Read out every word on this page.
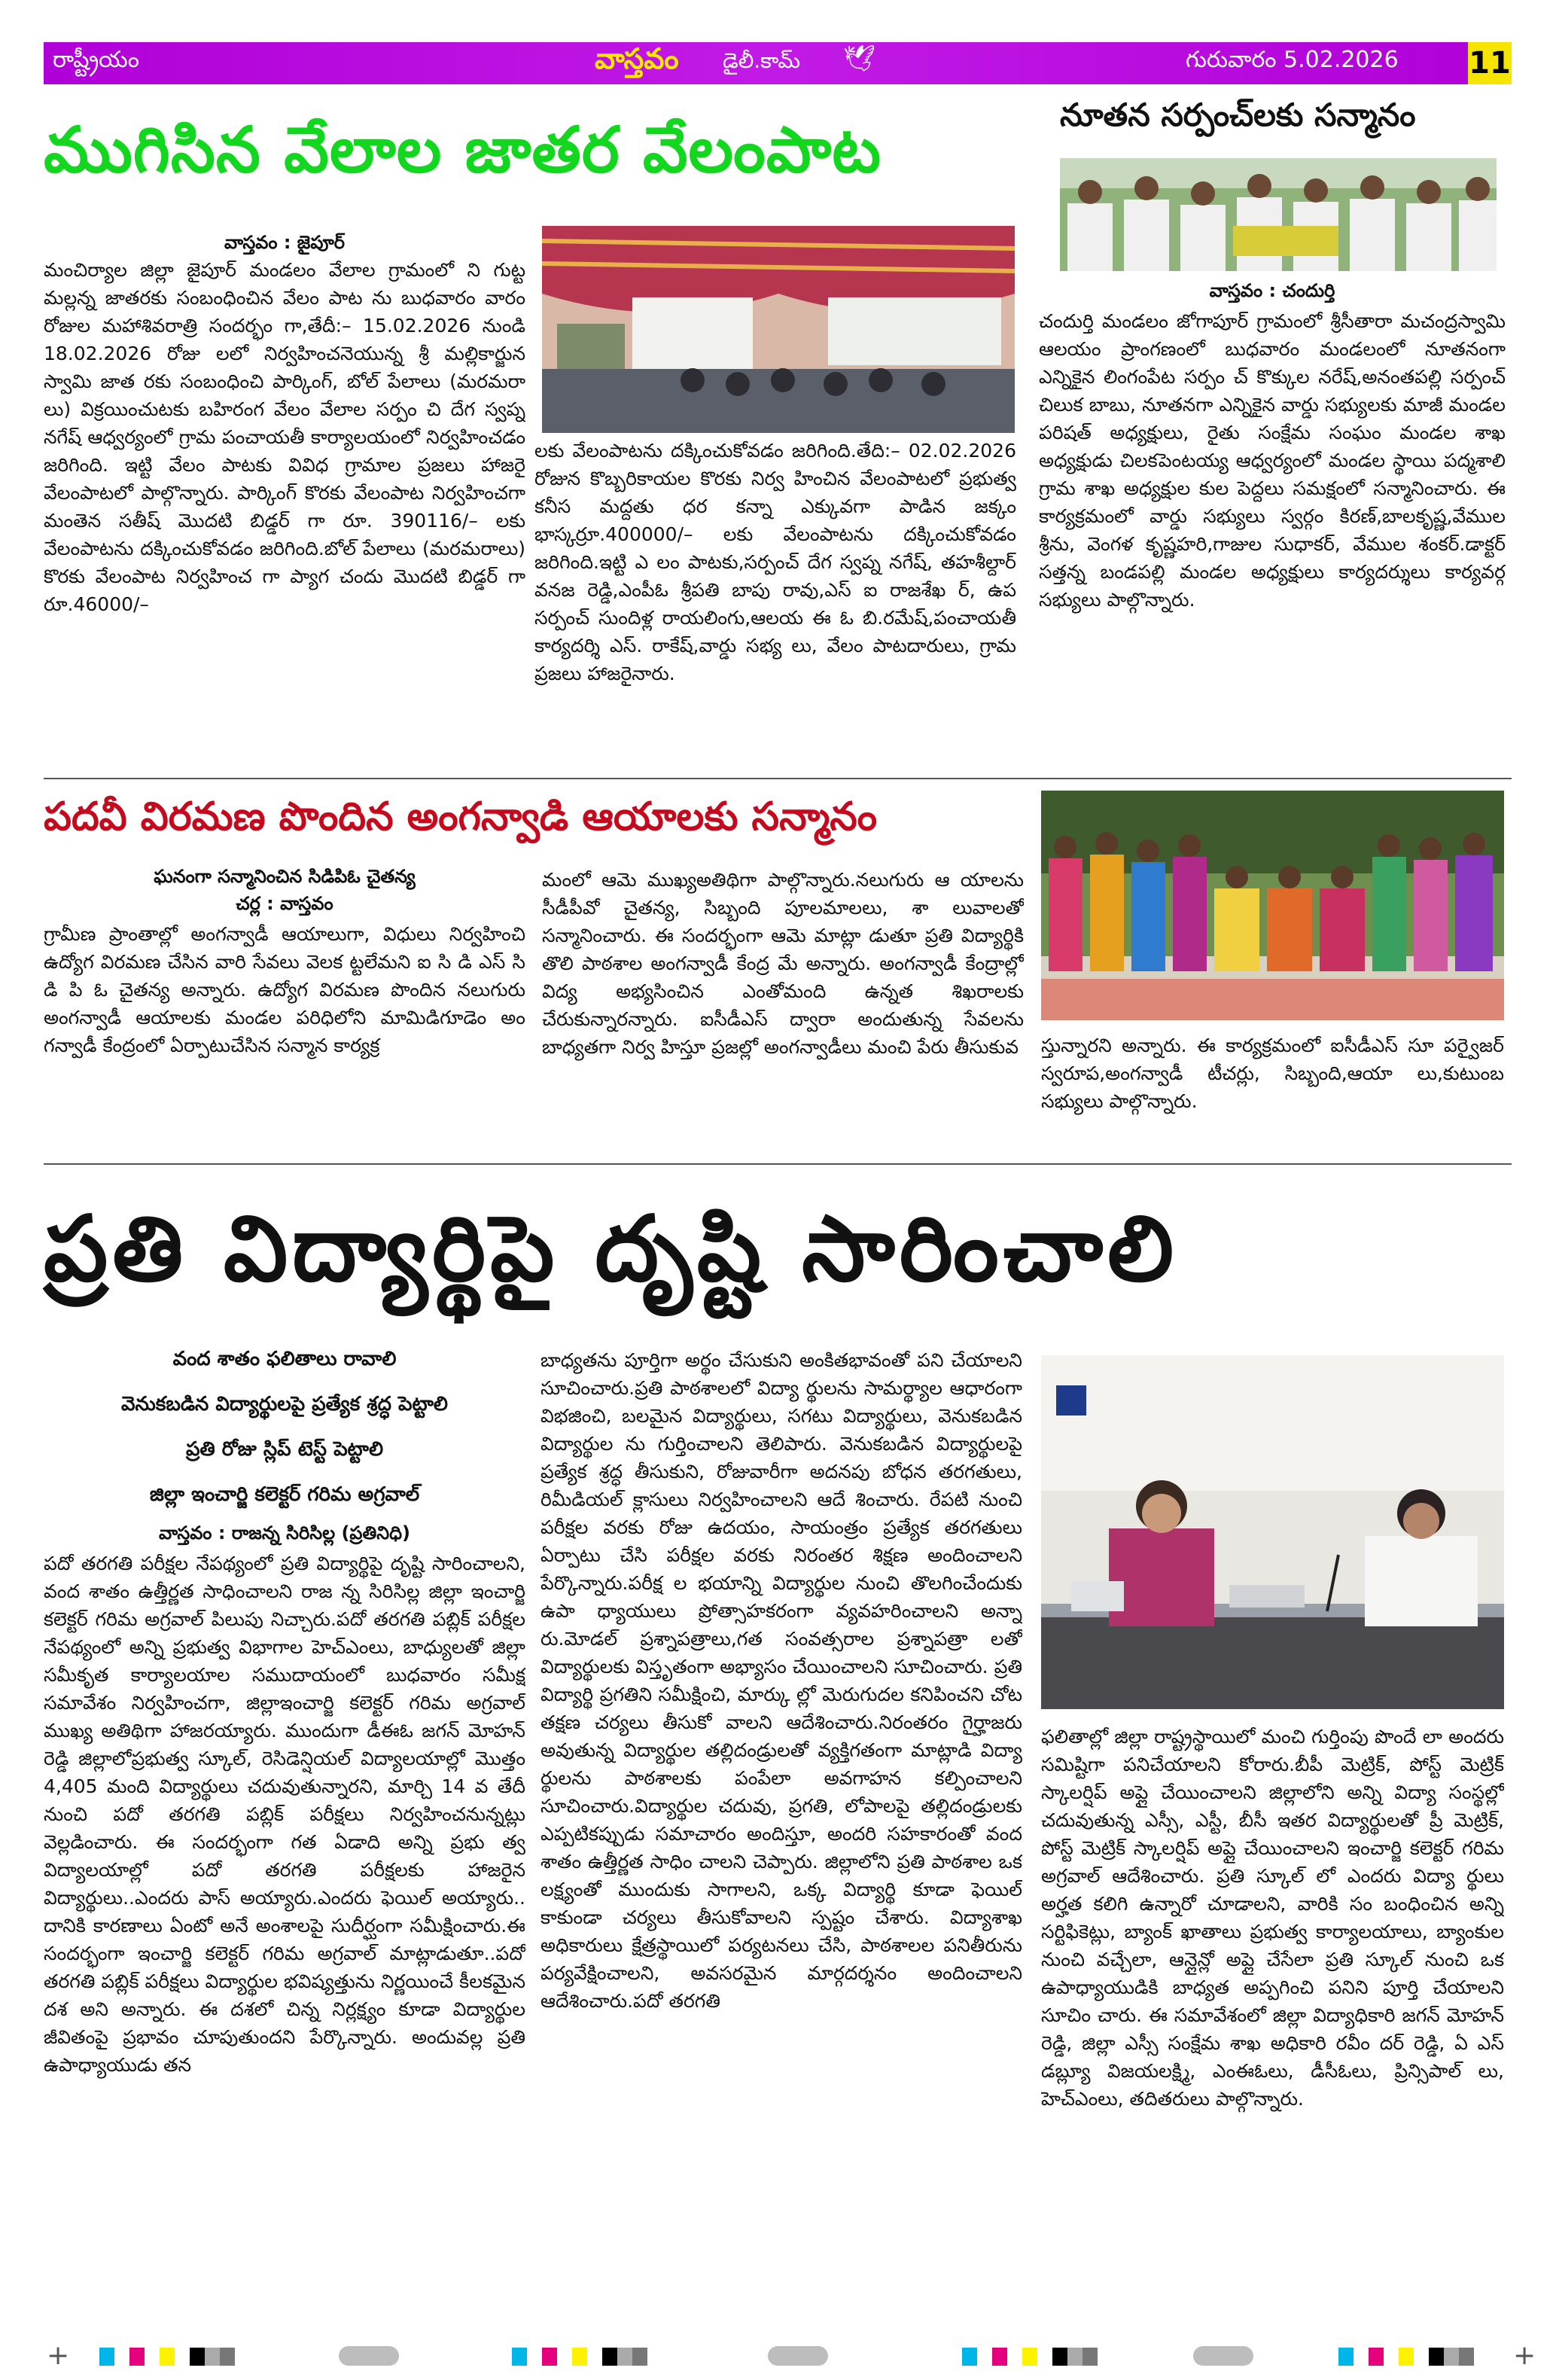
రాష్ట్రీయం	వాస్తవం డైలీ.కామ్ 🕊	గురువారం 5.02.2026 11
ముగిసిన వేలాల జాతర వేలంపాట
వాస్తవం : జైపూర్
మంచిర్యాల జిల్లా జైపూర్ మండలం వేలాల గ్రామంలో ని గుట్ట మల్లన్న జాతరకు సంబంధించిన వేలం పాట ను బుధవారం వారం రోజుల మహాశివరాత్రి సందర్భం గా,తేదీ:– 15.02.2026 నుండి 18.02.2026 రోజు లలో నిర్వహించనెయున్న శ్రీ మల్లికార్జున స్వామి జాత రకు సంబంధించి పార్కింగ్, బోల్ పేలాలు (మరమరా లు) విక్రయించుటకు బహిరంగ వేలం వేలాల సర్పం చి దేగ స్వప్న నగేష్ ఆధ్వర్యంలో గ్రామ పంచాయతీ కార్యాలయంలో నిర్వహించడం జరిగింది. ఇట్టి వేలం పాటకు వివిధ గ్రామాల ప్రజలు హాజరై వేలంపాటలో పాల్గొన్నారు. పార్కింగ్ కొరకు వేలంపాట నిర్వహించగా మంతెన సతీష్ మొదటి బిడ్డర్ గా రూ. 390116/– లకు వేలంపాటను దక్కించుకోవడం జరిగింది.బోల్ పేలాలు (మరమరాలు) కొరకు వేలంపాట నిర్వహించ గా ప్యాగ చందు మొదటి బిడ్డర్ గా రూ.46000/–
లకు వేలంపాటను దక్కించుకోవడం జరిగింది.తేది:– 02.02.2026 రోజున కొబ్బరికాయల కొరకు నిర్వ హించిన వేలంపాటలో ప్రభుత్వ కనీస మద్దతు ధర కన్నా ఎక్కువగా పాడిన జక్కం భాస్కర్రూ.400000/– లకు వేలంపాటను దక్కించుకోవడం జరిగింది.ఇట్టి ఎ లం పాటకు,సర్పంచ్ దేగ స్వప్న నగేష్, తహశీల్దార్ వనజ రెడ్డి,ఎంపీఓ శ్రీపతి బాపు రావు,ఎస్ ఐ రాజశేఖ ర్, ఉప సర్పంచ్ సుందిళ్ల రాయలింగు,ఆలయ ఈ ఓ బి.రమేష్,పంచాయతీ కార్యదర్శి ఎస్. రాకేష్,వార్డు సభ్య లు, వేలం పాటదారులు, గ్రామ ప్రజలు హాజరైనారు.
నూతన సర్పంచ్‌లకు సన్మానం
వాస్తవం : చందుర్తి
చందుర్తి మండలం జోగాపూర్ గ్రామంలో శ్రీసీతారా మచంద్రస్వామి ఆలయం ప్రాంగణంలో బుధవారం మండలంలో నూతనంగా ఎన్నికైన లింగంపేట సర్పం చ్ కొక్కుల నరేష్,అనంతపల్లి సర్పంచ్ చిలుక బాబు, నూతనగా ఎన్నికైన వార్డు సభ్యులకు మాజీ మండల పరిషత్ అధ్యక్షులు, రైతు సంక్షేమ సంఘం మండల శాఖ అధ్యక్షుడు చిలకపెంటయ్య ఆధ్వర్యంలో మండల స్థాయి పద్మశాలి గ్రామ శాఖ అధ్యక్షుల కుల పెద్దలు సమక్షంలో సన్మానించారు. ఈ కార్యక్రమంలో వార్డు సభ్యులు స్వర్గం కిరణ్,బాలకృష్ణ,వేముల శ్రీను, వెంగళ కృష్ణహరి,గాజుల సుధాకర్, వేముల శంకర్.డాక్టర్ సత్తన్న బండపల్లి మండల అధ్యక్షులు కార్యదర్శులు కార్యవర్గ సభ్యులు పాల్గొన్నారు.
పదవీ విరమణ పొందిన అంగన్వాడి ఆయాలకు సన్మానం
ఘనంగా సన్మానించిన సిడిపిఓ చైతన్య
చర్ల : వాస్తవం
గ్రామీణ ప్రాంతాల్లో అంగన్వాడీ ఆయాలుగా, విధులు నిర్వహించి ఉద్యోగ విరమణ చేసిన వారి సేవలు వెలక ట్టలేమని ఐ సి డి ఎస్ సి డి పి ఓ చైతన్య అన్నారు. ఉద్యోగ విరమణ పొందిన నలుగురు అంగన్వాడీ ఆయాలకు మండల పరిధిలోని మామిడిగూడెం అం గన్వాడీ కేంద్రంలో ఏర్పాటుచేసిన సన్మాన కార్యక్ర
మంలో ఆమె ముఖ్యఅతిథిగా పాల్గొన్నారు.నలుగురు ఆ యాలను సీడీపీవో చైతన్య, సిబ్బంది పూలమాలలు, శా లువాలతో సన్మానించారు. ఈ సందర్భంగా ఆమె మాట్లా డుతూ ప్రతి విద్యార్థికి తొలి పాఠశాల అంగన్వాడీ కేంద్ర మే అన్నారు. అంగన్వాడీ కేంద్రాల్లో విద్య అభ్యసించిన ఎంతోమంది ఉన్నత శిఖరాలకు చేరుకున్నారన్నారు. ఐసీడీఎస్ ద్వారా అందుతున్న సేవలను బాధ్యతగా నిర్వ హిస్తూ ప్రజల్లో అంగన్వాడీలు మంచి పేరు తీసుకువ స్తున్నారని అన్నారు. ఈ కార్యక్రమంలో ఐసీడీఎస్ సూ పర్వైజర్ స్వరూప,అంగన్వాడీ టీచర్లు, సిబ్బంది,ఆయా లు,కుటుంబ సభ్యులు పాల్గొన్నారు.
ప్రతి విద్యార్థిపై దృష్టి సారించాలి
వంద శాతం ఫలితాలు రావాలి
వెనుకబడిన విద్యార్థులపై ప్రత్యేక శ్రద్ధ పెట్టాలి
ప్రతి రోజు స్లిప్ టెస్ట్ పెట్టాలి
జిల్లా ఇంచార్జి కలెక్టర్ గరిమ అగ్రవాల్
వాస్తవం : రాజన్న సిరిసిల్ల (ప్రతినిధి)
పదో తరగతి పరీక్షల నేపథ్యంలో ప్రతి విద్యార్థిపై దృష్టి సారించాలని, వంద శాతం ఉత్తీర్ణత సాధించాలని రాజ న్న సిరిసిల్ల జిల్లా ఇంచార్జి కలెక్టర్ గరిమ అగ్రవాల్ పిలుపు నిచ్చారు.పదో తరగతి పబ్లిక్ పరీక్షల నేపథ్యంలో అన్ని ప్రభుత్వ విభాగాల హెచ్ఎంలు, బాధ్యులతో జిల్లా సమీకృత కార్యాలయాల సముదాయంలో బుధవారం సమీక్ష సమావేశం నిర్వహించగా, జిల్లాఇంచార్జి కలెక్టర్ గరిమ అగ్రవాల్ ముఖ్య అతిథిగా హాజరయ్యారు. ముందుగా డీఈఓ జగన్ మోహన్ రెడ్డి జిల్లాలోప్రభుత్వ స్కూల్, రెసిడెన్షియల్ విద్యాలయాల్లో మొత్తం 4,405 మంది విద్యార్థులు చదువుతున్నారని, మార్చి 14 వ తేదీ నుంచి పదో తరగతి పబ్లిక్ పరీక్షలు నిర్వహించనున్నట్లు వెల్లడించారు. ఈ సందర్భంగా గత ఏడాది అన్ని ప్రభు త్వ విద్యాలయాల్లో పదో తరగతి పరీక్షలకు హాజరైన విద్యార్థులు..ఎందరు పాస్ అయ్యారు.ఎందరు ఫెయిల్ అయ్యారు.. దానికి కారణాలు ఏంటో అనే అంశాలపై సుదీర్ఘంగా సమీక్షించారు.ఈ సందర్భంగా ఇంచార్జి కలెక్టర్ గరిమ అగ్రవాల్ మాట్లాడుతూ..పదో తరగతి పబ్లిక్ పరీక్షలు విద్యార్థుల భవిష్యత్తును నిర్ణయించే కీలకమైన దశ అని అన్నారు. ఈ దశలో చిన్న నిర్లక్ష్యం కూడా విద్యార్థుల జీవితంపై ప్రభావం చూపుతుందని పేర్కొన్నారు. అందువల్ల ప్రతి ఉపాధ్యాయుడు తన
బాధ్యతను పూర్తిగా అర్థం చేసుకుని అంకితభావంతో పని చేయాలని సూచించారు.ప్రతి పాఠశాలలో విద్యా ర్థులను సామర్థ్యాల ఆధారంగా విభజించి, బలమైన విద్యార్థులు, సగటు విద్యార్థులు, వెనుకబడిన విద్యార్థుల ను గుర్తించాలని తెలిపారు. వెనుకబడిన విద్యార్థులపై ప్రత్యేక శ్రద్ధ తీసుకుని, రోజువారీగా అదనపు బోధన తరగతులు, రిమీడియల్ క్లాసులు నిర్వహించాలని ఆదే శించారు. రేపటి నుంచి పరీక్షల వరకు రోజు ఉదయం, సాయంత్రం ప్రత్యేక తరగతులు ఏర్పాటు చేసి పరీక్షల వరకు నిరంతర శిక్షణ అందించాలని పేర్కొన్నారు.పరీక్ష ల భయాన్ని విద్యార్థుల నుంచి తొలగించేందుకు ఉపా ధ్యాయులు ప్రోత్సాహకరంగా వ్యవహరించాలని అన్నా రు.మోడల్ ప్రశ్నాపత్రాలు,గత సంవత్సరాల ప్రశ్నాపత్రా లతో విద్యార్థులకు విస్తృతంగా అభ్యాసం చేయించాలని సూచించారు. ప్రతి విద్యార్థి ప్రగతిని సమీక్షించి, మార్కు ల్లో మెరుగుదల కనిపించని చోట తక్షణ చర్యలు తీసుకో వాలని ఆదేశించారు.నిరంతరం గైర్హాజరు అవుతున్న విద్యార్థుల తల్లిదండ్రులతో వ్యక్తిగతంగా మాట్లాడి విద్యా ర్థులను పాఠశాలకు పంపేలా అవగాహన కల్పించాలని సూచించారు.విద్యార్థుల చదువు, ప్రగతి, లోపాలపై తల్లిదండ్రులకు ఎప్పటికప్పుడు సమాచారం అందిస్తూ, అందరి సహకారంతో వంద శాతం ఉత్తీర్ణత సాధిం చాలని చెప్పారు. జిల్లాలోని ప్రతి పాఠశాల ఒక లక్ష్యంతో ముందుకు సాగాలని, ఒక్క విద్యార్థి కూడా ఫెయిల్ కాకుండా చర్యలు తీసుకోవాలని స్పష్టం చేశారు. విద్యాశాఖ అధికారులు క్షేత్రస్థాయిలో పర్యటనలు చేసి, పాఠశాలల పనితీరును పర్యవేక్షించాలని, అవసరమైన మార్గదర్శనం అందించాలని ఆదేశించారు.పదో తరగతి
ఫలితాల్లో జిల్లా రాష్ట్రస్థాయిలో మంచి గుర్తింపు పొందే లా అందరు సమిష్టిగా పనిచేయాలని కోరారు.బీపీ మెట్రిక్, పోస్ట్ మెట్రిక్ స్కాలర్షిప్ అప్లై చేయించాలని జిల్లాలోని అన్ని విద్యా సంస్థల్లో చదువుతున్న ఎస్సీ, ఎస్టీ, బీసీ ఇతర విద్యార్థులతో ప్రీ మెట్రిక్, పోస్ట్ మెట్రిక్ స్కాలర్షిప్ అప్లై చేయించాలని ఇంచార్జి కలెక్టర్ గరిమ అగ్రవాల్ ఆదేశించారు. ప్రతి స్కూల్ లో ఎందరు విద్యా ర్థులు అర్హత కలిగి ఉన్నారో చూడాలని, వారికి సం బంధించిన అన్ని సర్టిఫికెట్లు, బ్యాంక్ ఖాతాలు ప్రభుత్వ కార్యాలయాలు, బ్యాంకుల నుంచి వచ్చేలా, ఆన్లైన్లో అప్లై చేసేలా ప్రతి స్కూల్ నుంచి ఒక ఉపాధ్యాయుడికి బాధ్యత అప్పగించి పనిని పూర్తి చేయాలని సూచిం చారు. ఈ సమావేశంలో జిల్లా విద్యాధికారి జగన్ మోహన్ రెడ్డి, జిల్లా ఎస్సీ సంక్షేమ శాఖ అధికారి రవీం దర్ రెడ్డి, ఏ ఎస్ డబ్ల్యూ విజయలక్ష్మి, ఎంఈఓలు, డీసీఓలు, ప్రిన్సిపాల్ లు, హెచ్ఎంలు, తదితరులు పాల్గొన్నారు.
+	+
